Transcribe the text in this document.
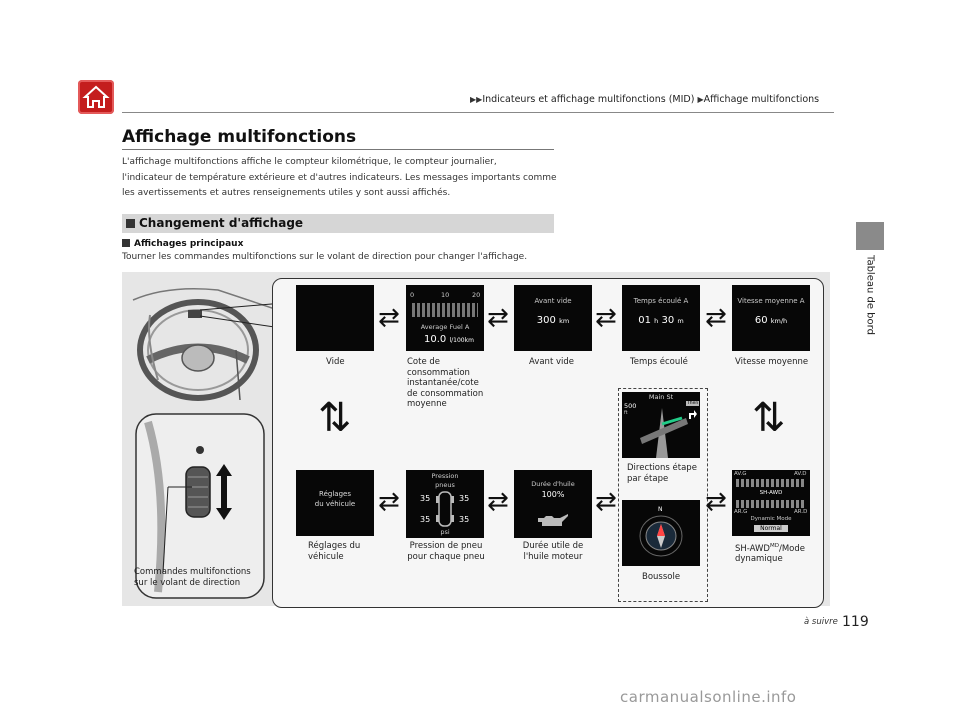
▶▶Indicateurs et affichage multifonctions (MID) ▶Affichage multifonctions
Tableau de bord
Affichage multifonctions
L'affichage multifonctions affiche le compteur kilométrique, le compteur journalier,
l'indicateur de température extérieure et d'autres indicateurs. Les messages importants comme
les avertissements et autres renseignements utiles y sont aussi affichés.
Changement d'affichage
Affichages principaux
Tourner les commandes multifonctions sur le volant de direction pour changer l'affichage.
0	10	20
Average Fuel A
10.0 l/100km
Avant vide
300 km
Temps écoulé A
01 h 30 m
Vitesse moyenne A
60 km/h
⇄	⇄	⇄	⇄
Vide	Cote de
consommation
instantanée/cote
de consommation
moyenne
Avant vide	Temps écoulé	Vitesse moyenne
⇅	⇅
Main St
500
ft
Then
Directions étape
par étape
Réglages
du véhicule
Pression
pneus
35	35
35	35
psi
Durée d'huile
100%
N
AV.G	AV.D
AR.G	AR.D
SH-AWD
Dynamic Mode
Normal
⇄	⇄	⇄	⇄
Réglages du
véhicule
Pression de pneu
pour chaque pneu
Durée utile de
l'huile moteur
Boussole
$SH-AWD^{MD}$/Mode
dynamique
Commandes multifonctions
sur le volant de direction
à suivre 119
carmanualsonline.info
